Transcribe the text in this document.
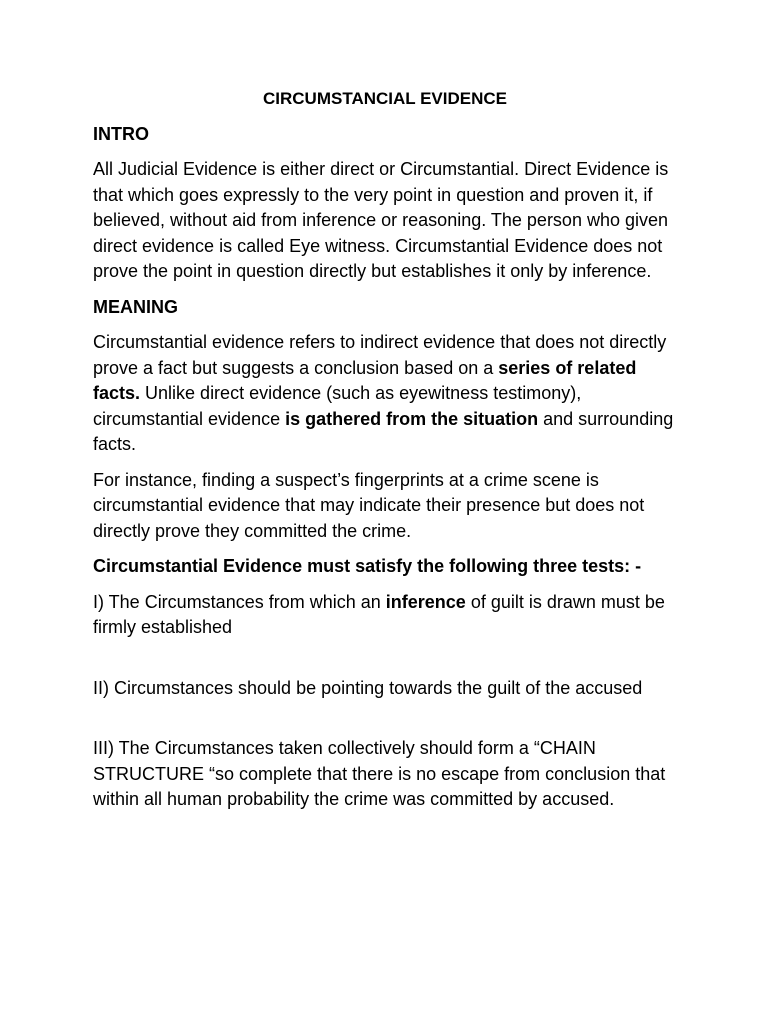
CIRCUMSTANCIAL EVIDENCE
INTRO

All Judicial Evidence is either direct or Circumstantial. Direct Evidence is that which goes expressly to the very point in question and proven it, if believed, without aid from inference or reasoning. The person who given direct evidence is called Eye witness. Circumstantial Evidence does not prove the point in question directly but establishes it only by inference.

MEANING

Circumstantial evidence refers to indirect evidence that does not directly prove a fact but suggests a conclusion based on a series of related facts. Unlike direct evidence (such as eyewitness testimony), circumstantial evidence is gathered from the situation and surrounding facts.

For instance, finding a suspect’s fingerprints at a crime scene is circumstantial evidence that may indicate their presence but does not directly prove they committed the crime.

Circumstantial Evidence must satisfy the following three tests: -

I) The Circumstances from which an inference of guilt is drawn must be firmly established

II) Circumstances should be pointing towards the guilt of the accused

III) The Circumstances taken collectively should form a “CHAIN STRUCTURE “so complete that there is no escape from conclusion that within all human probability the crime was committed by accused.
